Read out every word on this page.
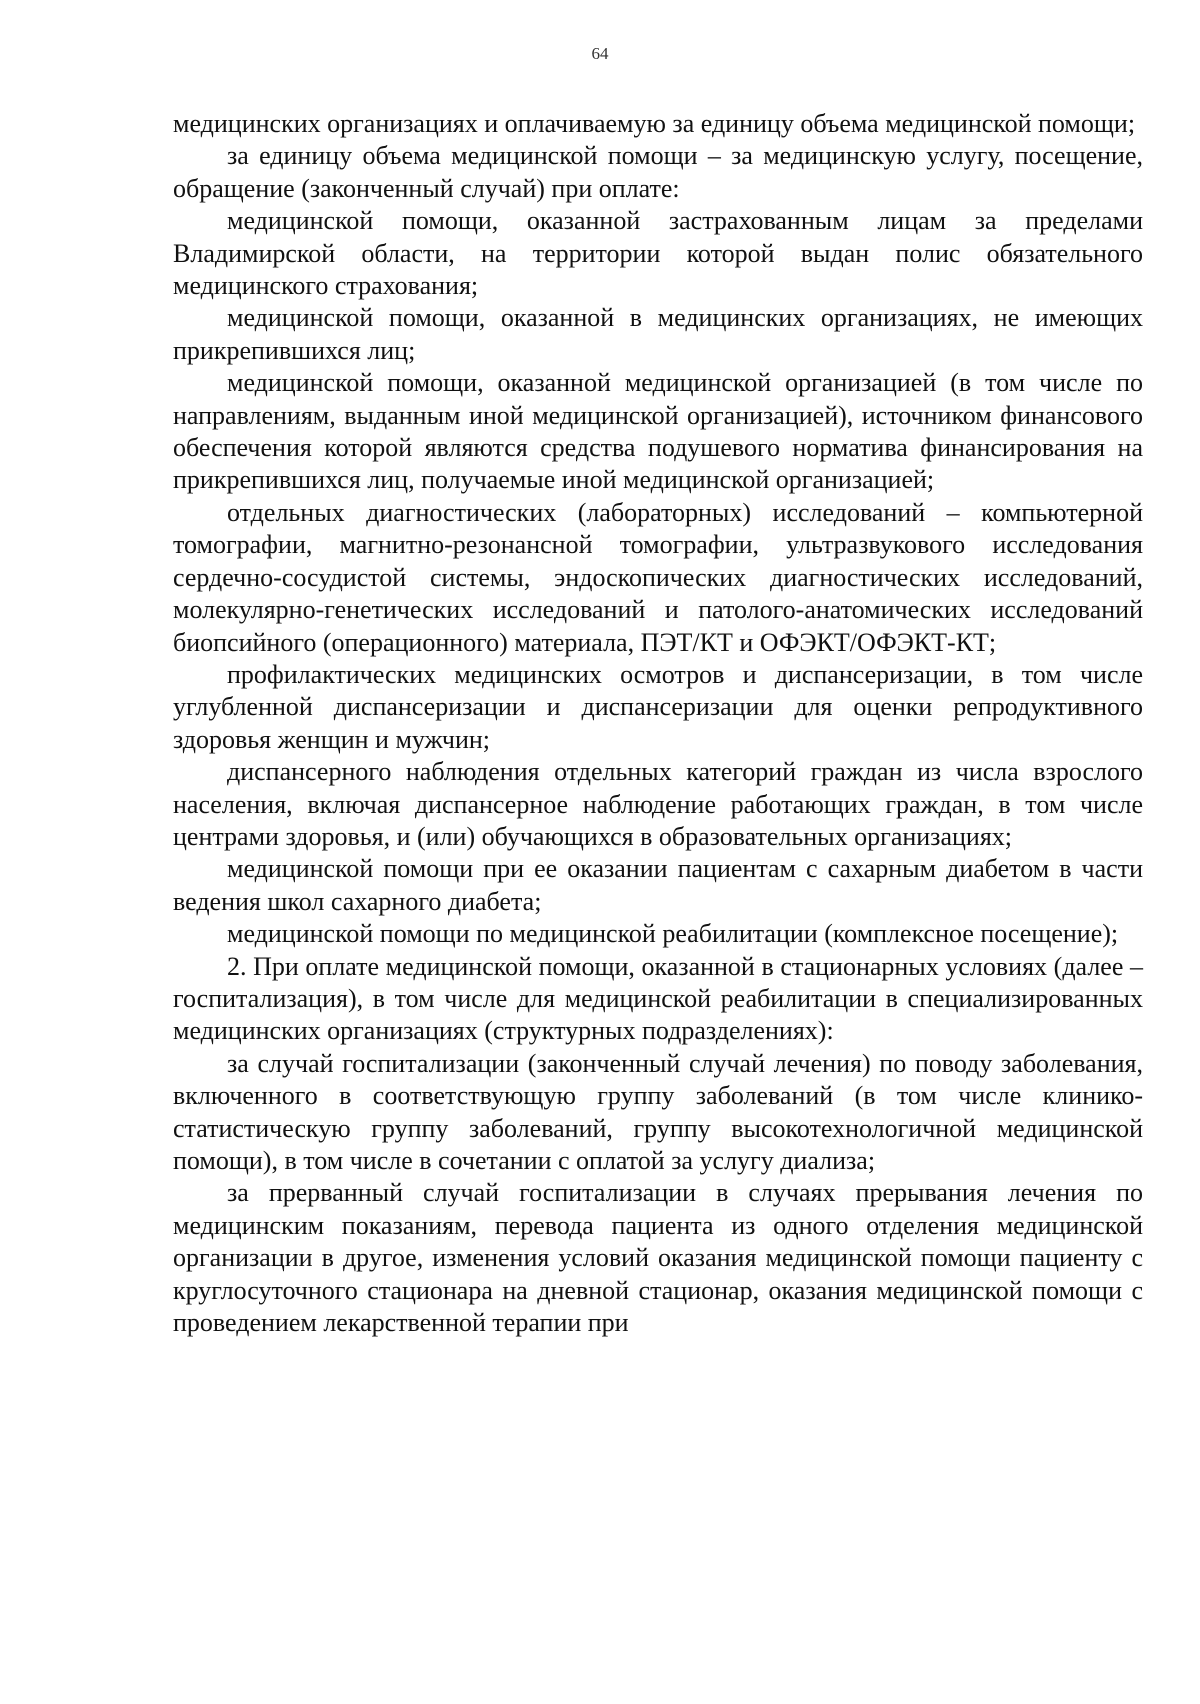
64

медицинских организациях и оплачиваемую за единицу объема медицинской помощи;

за единицу объема медицинской помощи – за медицинскую услугу, посещение, обращение (законченный случай) при оплате:

медицинской помощи, оказанной застрахованным лицам за пределами Владимирской области, на территории которой выдан полис обязательного медицинского страхования;

медицинской помощи, оказанной в медицинских организациях, не имеющих прикрепившихся лиц;

медицинской помощи, оказанной медицинской организацией (в том числе по направлениям, выданным иной медицинской организацией), источником финансового обеспечения которой являются средства подушевого норматива финансирования на прикрепившихся лиц, получаемые иной медицинской организацией;

отдельных диагностических (лабораторных) исследований – компьютерной томографии, магнитно-резонансной томографии, ультразвукового исследования сердечно-сосудистой системы, эндоскопических диагностических исследований, молекулярно-генетических исследований и патолого-анатомических исследований биопсийного (операционного) материала, ПЭТ/КТ и ОФЭКТ/ОФЭКТ-КТ;

профилактических медицинских осмотров и диспансеризации, в том числе углубленной диспансеризации и диспансеризации для оценки репродуктивного здоровья женщин и мужчин;

диспансерного наблюдения отдельных категорий граждан из числа взрослого населения, включая диспансерное наблюдение работающих граждан, в том числе центрами здоровья, и (или) обучающихся в образовательных организациях;

медицинской помощи при ее оказании пациентам с сахарным диабетом в части ведения школ сахарного диабета;

медицинской помощи по медицинской реабилитации (комплексное посещение);

2. При оплате медицинской помощи, оказанной в стационарных условиях (далее – госпитализация), в том числе для медицинской реабилитации в специализированных медицинских организациях (структурных подразделениях):

за случай госпитализации (законченный случай лечения) по поводу заболевания, включенного в соответствующую группу заболеваний (в том числе клинико-статистическую группу заболеваний, группу высокотехнологичной медицинской помощи), в том числе в сочетании с оплатой за услугу диализа;

за прерванный случай госпитализации в случаях прерывания лечения по медицинским показаниям, перевода пациента из одного отделения медицинской организации в другое, изменения условий оказания медицинской помощи пациенту с круглосуточного стационара на дневной стационар, оказания медицинской помощи с проведением лекарственной терапии при
